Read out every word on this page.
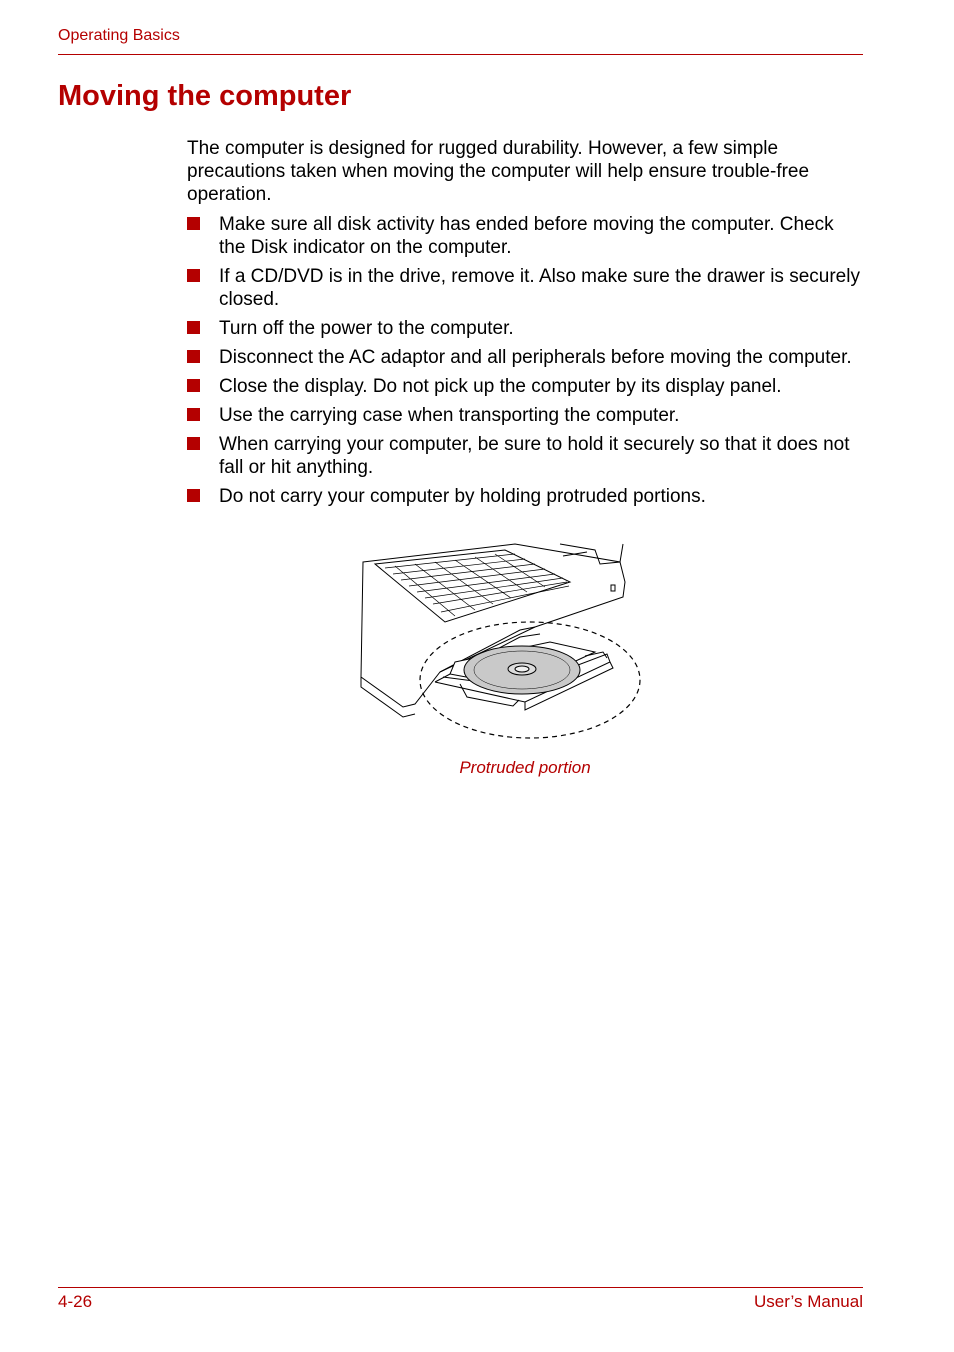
Operating Basics
Moving the computer

The computer is designed for rugged durability. However, a few simple precautions taken when moving the computer will help ensure trouble-free operation.

Make sure all disk activity has ended before moving the computer. Check the Disk indicator on the computer.
If a CD/DVD is in the drive, remove it. Also make sure the drawer is securely closed.
Turn off the power to the computer.
Disconnect the AC adaptor and all peripherals before moving the computer.
Close the display. Do not pick up the computer by its display panel.
Use the carrying case when transporting the computer.
When carrying your computer, be sure to hold it securely so that it does not fall or hit anything.
Do not carry your computer by holding protruded portions.
Protruded portion
4-26	User’s Manual
